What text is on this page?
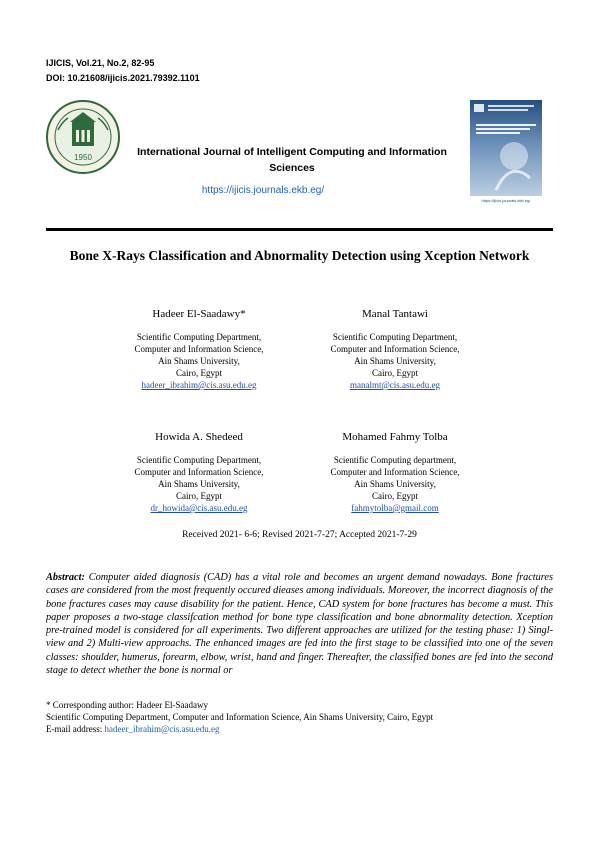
IJICIS, Vol.21, No.2, 82-95
DOI: 10.21608/ijicis.2021.79392.1101
1950	International Journal of Intelligent Computing and Information Sciences
https://ijicis.journals.ekb.eg/
https://ijicis.journals.ekb.eg/
Bone X-Rays Classification and Abnormality Detection using Xception Network
Hadeer El-Saadawy*
Scientific Computing Department,
Computer and Information Science,
Ain Shams University,
Cairo, Egypt
hadeer_ibrahim@cis.asu.edu.eg
Manal Tantawi
Scientific Computing Department,
Computer and Information Science,
Ain Shams University,
Cairo, Egypt
manalmt@cis.asu.edu.eg
Howida A. Shedeed
Scientific Computing Department,
Computer and Information Science,
Ain Shams University,
Cairo, Egypt
dr_howida@cis.asu.edu.eg
Mohamed Fahmy Tolba
Scientific Computing department,
Computer and Information Science,
Ain Shams University,
Cairo, Egypt
fahmytolba@gmail.com
Received 2021- 6-6; Revised 2021-7-27; Accepted 2021-7-29
Abstract: Computer aided diagnosis (CAD) has a vital role and becomes an urgent demand nowadays. Bone fractures cases are considered from the most frequently occured dieases among individuals. Moreover, the incorrect diagnosis of the bone fractures cases may cause disability for the patient. Hence, CAD system for bone fractures has become a must. This paper proposes a two-stage classifcation method for bone type classification and bone abnormality detection. Xception pre-trained model is considered for all experiments. Two different approaches are utilized for the testing phase: 1) Singl-view and 2) Multi-view approachs. The enhanced images are fed into the first stage to be classified into one of the seven classes: shoulder, humerus, forearm, elbow, wrist, hand and finger. Thereafter, the classified bones are fed into the second stage to detect whether the bone is normal or
* Corresponding author: Hadeer El-Saadawy
Scientific Computing Department, Computer and Information Science, Ain Shams University, Cairo, Egypt
E-mail address: hadeer_ibrahim@cis.asu.edu.eg
